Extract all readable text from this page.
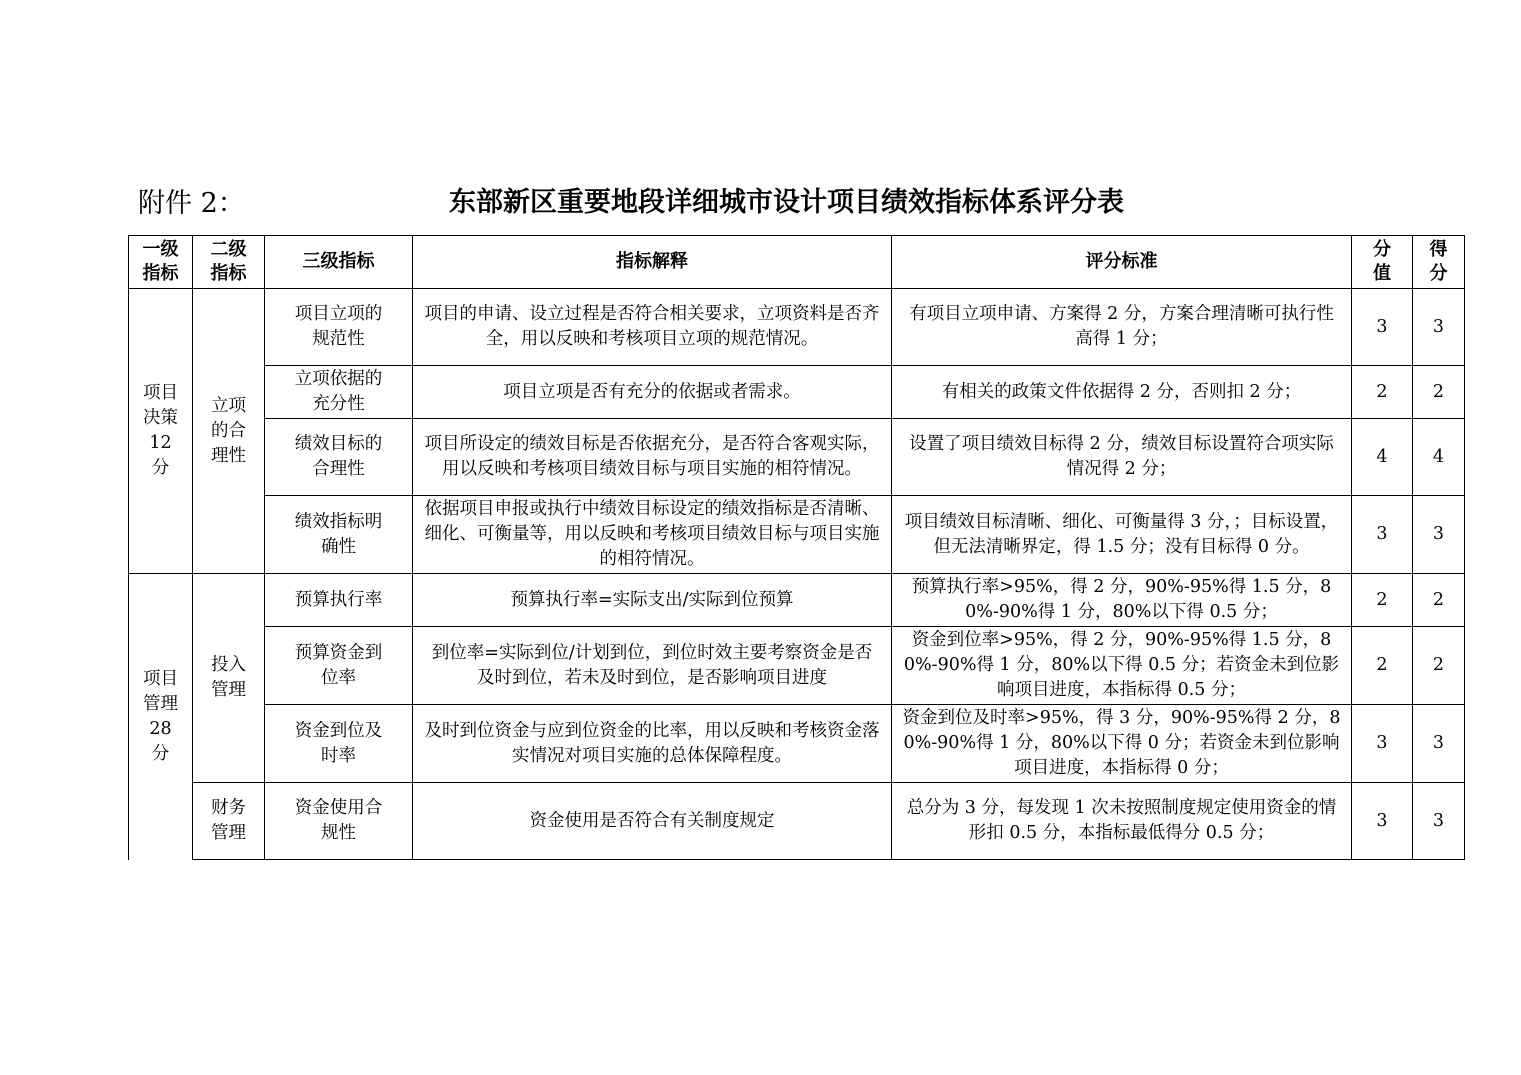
附件 2：	东部新区重要地段详细城市设计项目绩效指标体系评分表
一级
指标	二级
指标	三级指标	指标解释	评分标准	分
值	得
分
项目
决策
12
分	立项
的合
理性	项目立项的
规范性	项目的申请、设立过程是否符合相关要求，立项资料是否齐全，用以反映和考核项目立项的规范情况。	有项目立项申请、方案得 2 分，方案合理清晰可执行性高得 1 分；	3	3
		立项依据的
充分性	项目立项是否有充分的依据或者需求。	有相关的政策文件依据得 2 分，否则扣 2 分；	2	2
		绩效目标的
合理性	项目所设定的绩效目标是否依据充分，是否符合客观实际，用以反映和考核项目绩效目标与项目实施的相符情况。	设置了项目绩效目标得 2 分，绩效目标设置符合项实际情况得 2 分；	4	4
		绩效指标明
确性	依据项目申报或执行中绩效目标设定的绩效指标是否清晰、细化、可衡量等，用以反映和考核项目绩效目标与项目实施的相符情况。	项目绩效目标清晰、细化、可衡量得 3 分，；目标设置，但无法清晰界定，得 1.5 分；没有目标得 0 分。	3	3
项目
管理
28
分	投入
管理	预算执行率	预算执行率=实际支出/实际到位预算	预算执行率>95%，得 2 分，90%-95%得 1.5 分，80%-90%得 1 分，80%以下得 0.5 分；	2	2
		预算资金到
位率	到位率=实际到位/计划到位，到位时效主要考察资金是否及时到位，若未及时到位，是否影响项目进度	资金到位率>95%，得 2 分，90%-95%得 1.5 分，80%-90%得 1 分，80%以下得 0.5 分；若资金未到位影响项目进度，本指标得 0.5 分；	2	2
		资金到位及
时率	及时到位资金与应到位资金的比率，用以反映和考核资金落实情况对项目实施的总体保障程度。	资金到位及时率>95%，得 3 分，90%-95%得 2 分，80%-90%得 1 分，80%以下得 0 分；若资金未到位影响项目进度，本指标得 0 分；	3	3
	财务
管理	资金使用合
规性	资金使用是否符合有关制度规定	总分为 3 分，每发现 1 次未按照制度规定使用资金的情形扣 0.5 分，本指标最低得分 0.5 分；	3	3
